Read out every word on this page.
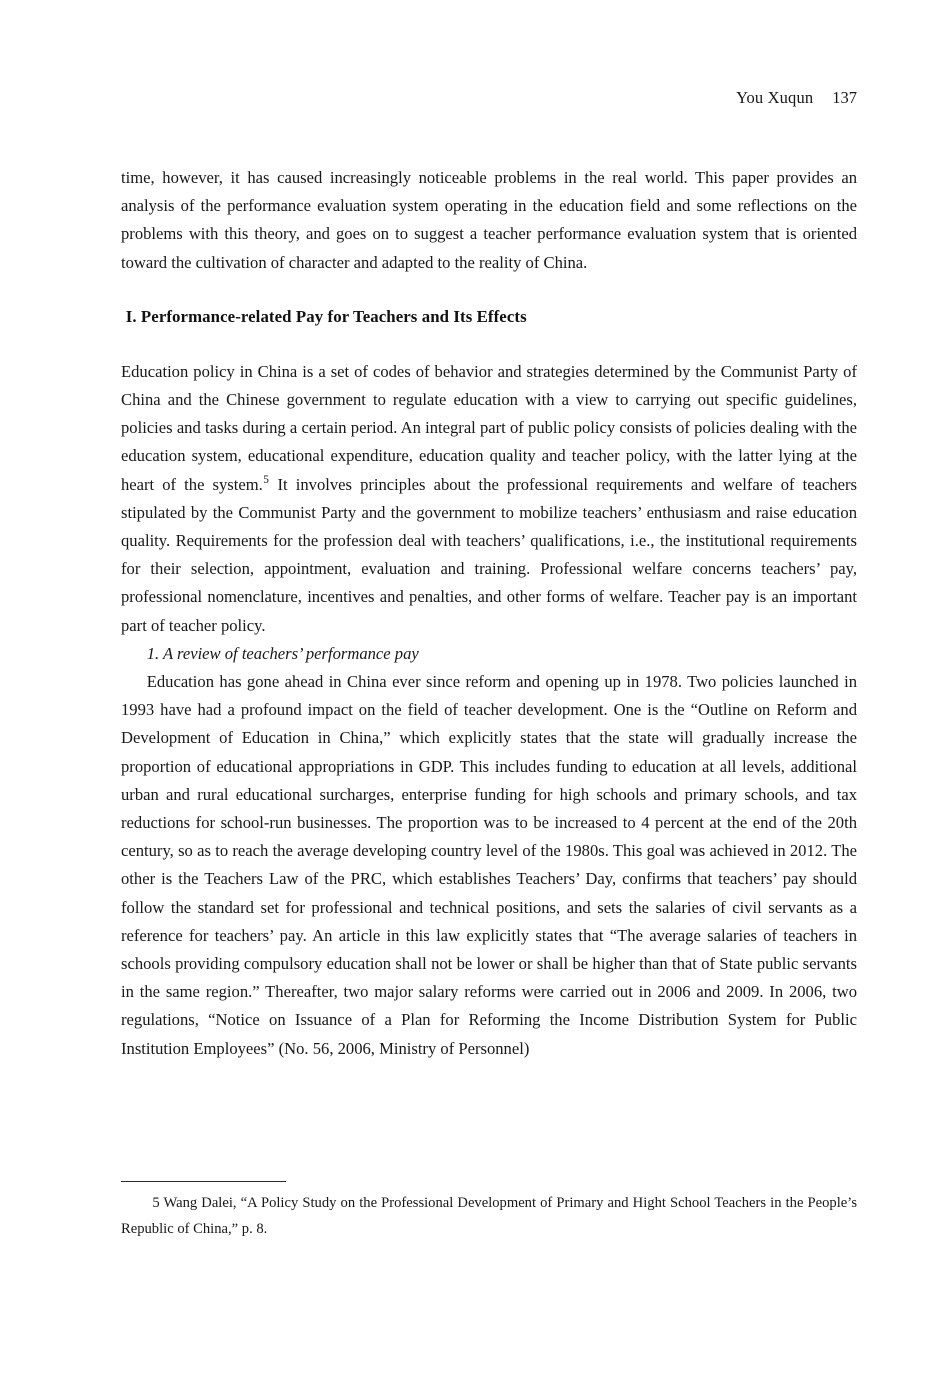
You Xuqun 137

time, however, it has caused increasingly noticeable problems in the real world. This paper provides an analysis of the performance evaluation system operating in the education field and some reflections on the problems with this theory, and goes on to suggest a teacher performance evaluation system that is oriented toward the cultivation of character and adapted to the reality of China.

I. Performance-related Pay for Teachers and Its Effects

Education policy in China is a set of codes of behavior and strategies determined by the Communist Party of China and the Chinese government to regulate education with a view to carrying out specific guidelines, policies and tasks during a certain period. An integral part of public policy consists of policies dealing with the education system, educational expenditure, education quality and teacher policy, with the latter lying at the heart of the system.$^5$ It involves principles about the professional requirements and welfare of teachers stipulated by the Communist Party and the government to mobilize teachers’ enthusiasm and raise education quality. Requirements for the profession deal with teachers’ qualifications, i.e., the institutional requirements for their selection, appointment, evaluation and training. Professional welfare concerns teachers’ pay, professional nomenclature, incentives and penalties, and other forms of welfare. Teacher pay is an important part of teacher policy.

1. A review of teachers’ performance pay

Education has gone ahead in China ever since reform and opening up in 1978. Two policies launched in 1993 have had a profound impact on the field of teacher development. One is the “Outline on Reform and Development of Education in China,” which explicitly states that the state will gradually increase the proportion of educational appropriations in GDP. This includes funding to education at all levels, additional urban and rural educational surcharges, enterprise funding for high schools and primary schools, and tax reductions for school-run businesses. The proportion was to be increased to 4 percent at the end of the 20th century, so as to reach the average developing country level of the 1980s. This goal was achieved in 2012. The other is the Teachers Law of the PRC, which establishes Teachers’ Day, confirms that teachers’ pay should follow the standard set for professional and technical positions, and sets the salaries of civil servants as a reference for teachers’ pay. An article in this law explicitly states that “The average salaries of teachers in schools providing compulsory education shall not be lower or shall be higher than that of State public servants in the same region.” Thereafter, two major salary reforms were carried out in 2006 and 2009. In 2006, two regulations, “Notice on Issuance of a Plan for Reforming the Income Distribution System for Public Institution Employees” (No. 56, 2006, Ministry of Personnel)

5 Wang Dalei, “A Policy Study on the Professional Development of Primary and Hight School Teachers in the People’s Republic of China,” p. 8.
